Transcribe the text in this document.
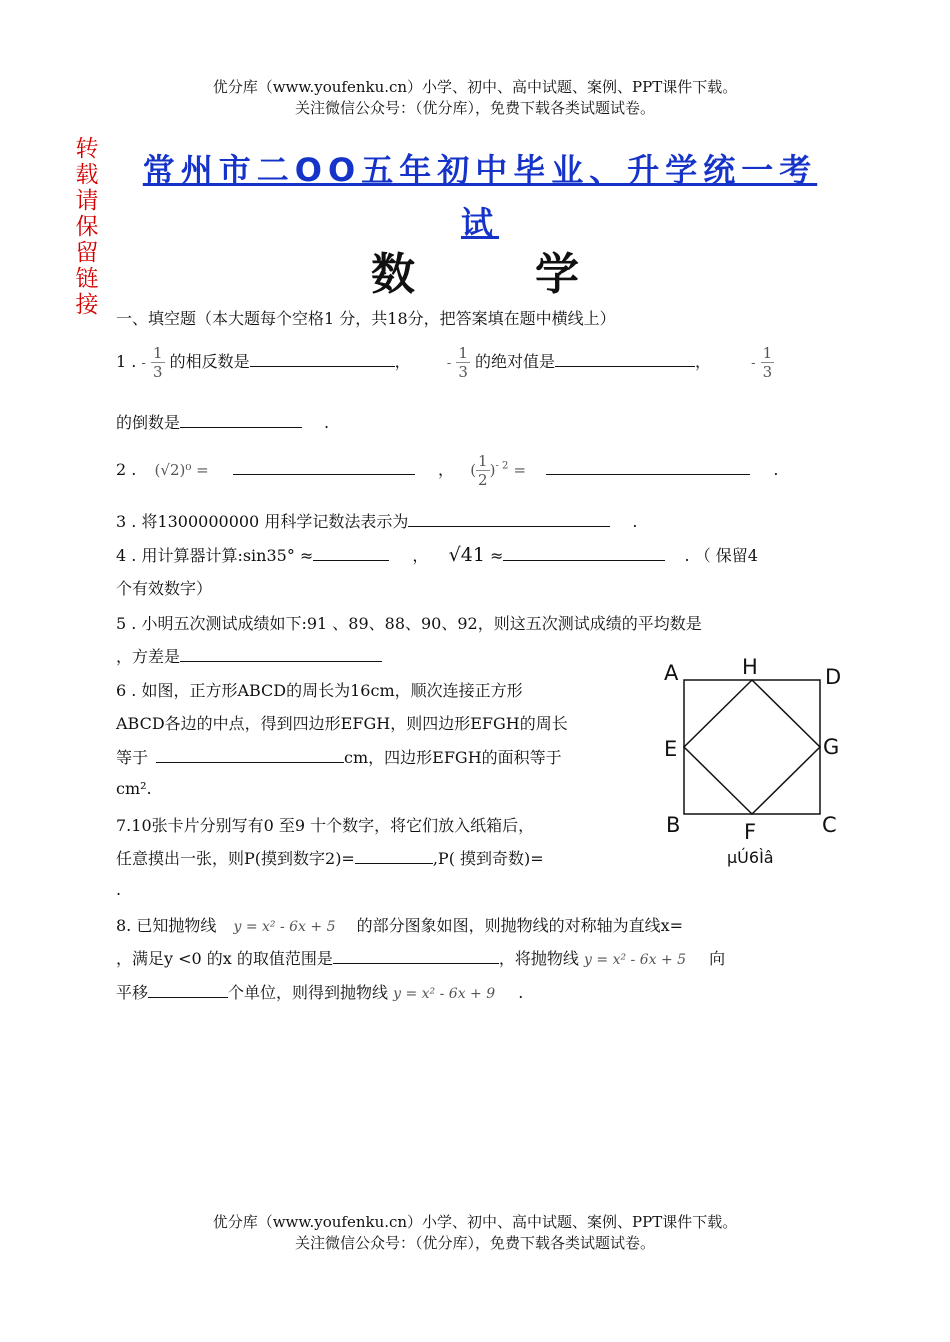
优分库（www.youfenku.cn）小学、初中、高中试题、案例、PPT课件下载。
关注微信公众号：（优分库），免费下载各类试题试卷。
转载请保留链接
常州市二OO五年初中毕业、升学统一考
试
数	学
一、填空题（本大题每个空格1 分，共18分，把答案填在题中横线上）
1 . - $\frac{1}{3}$ 的相反数是	，	- $\frac{1}{3}$ 的绝对值是	，	- $\frac{1}{3}$
的倒数是	.
2 . (√2)⁰ =	， ( $\frac{1}{2} )^{- 2}$ =	.
3 . 将1300000000 用科学记数法表示为	.
4 . 用计算器计算:sin35° ≈	， √41 ≈	. （ 保留4
个有效数字）
5 . 小明五次测试成绩如下:91 、89、88、90、92，则这五次测试成绩的平均数是
，方差是
6 . 如图，正方形ABCD的周长为16cm，顺次连接正方形
ABCD各边的中点，得到四边形EFGH，则四边形EFGH的周长
等于	cm，四边形EFGH的面积等于
cm².
7.10张卡片分别写有0 至9 十个数字，将它们放入纸箱后，
任意摸出一张，则P(摸到数字2)=	,P( 摸到奇数)=
.
A	H	D
E	G
B	F	C
µÚ6Ìâ
8. 已知抛物线 y = x² - 6x + 5 的部分图象如图，则抛物线的对称轴为直线x=
，满足y <0 的x 的取值范围是	，将抛物线 y = x² - 6x + 5 向
平移	个单位，则得到抛物线 y = x² - 6x + 9 .
优分库（www.youfenku.cn）小学、初中、高中试题、案例、PPT课件下载。
关注微信公众号：（优分库），免费下载各类试题试卷。
